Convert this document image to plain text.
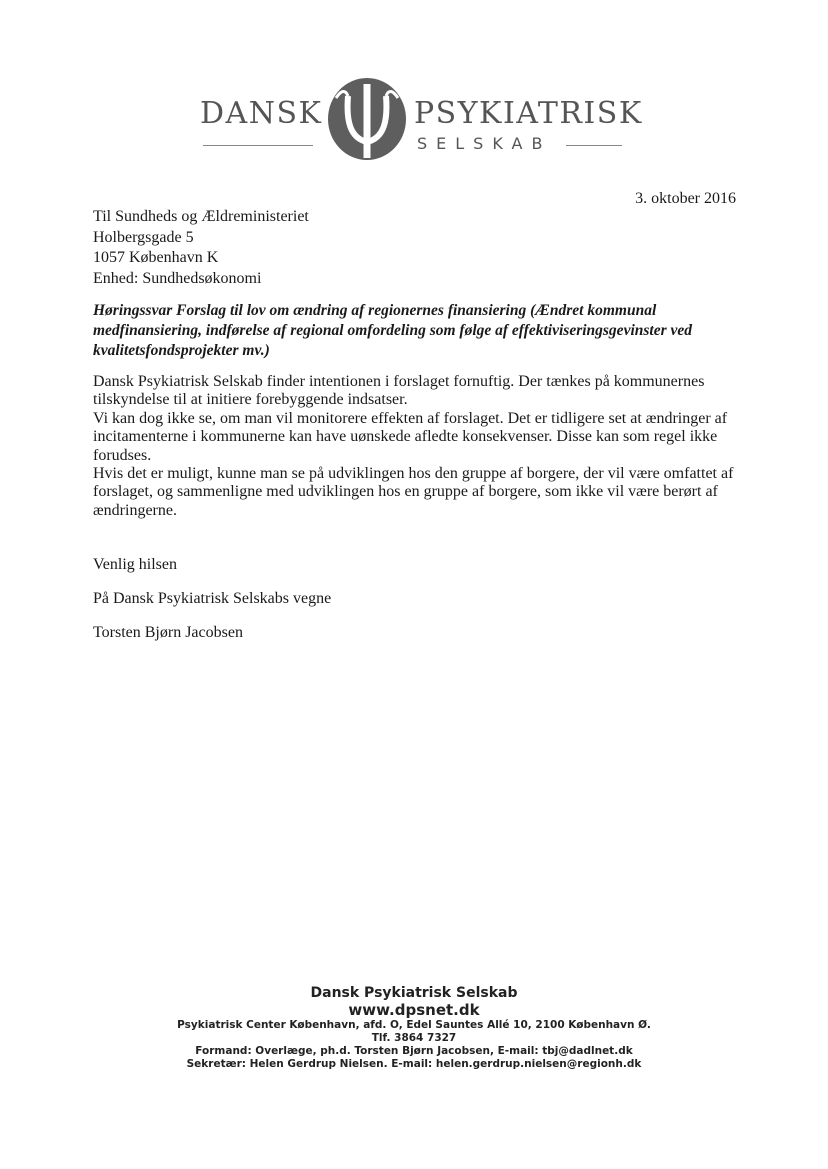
DANSK	PSYKIATRISK
SELSKAB
3. oktober 2016
Til Sundheds og Ældreministeriet
Holbergsgade 5
1057 København K
Enhed: Sundhedsøkonomi
Høringssvar Forslag til lov om ændring af regionernes finansiering (Ændret kommunal medfinansiering, indførelse af regional omfordeling som følge af effektiviseringsgevinster ved kvalitetsfondsprojekter mv.)

Dansk Psykiatrisk Selskab finder intentionen i forslaget fornuftig. Der tænkes på kommunernes tilskyndelse til at initiere forebyggende indsatser.

Vi kan dog ikke se, om man vil monitorere effekten af forslaget. Det er tidligere set at ændringer af incitamenterne i kommunerne kan have uønskede afledte konsekvenser. Disse kan som regel ikke forudses.

Hvis det er muligt, kunne man se på udviklingen hos den gruppe af borgere, der vil være omfattet af forslaget, og sammenligne med udviklingen hos en gruppe af borgere, som ikke vil være berørt af ændringerne.

Venlig hilsen
På Dansk Psykiatrisk Selskabs vegne
Torsten Bjørn Jacobsen
Dansk Psykiatrisk Selskab
www.dpsnet.dk
Psykiatrisk Center København, afd. O, Edel Sauntes Allé 10, 2100 København Ø.
Tlf. 3864 7327
Formand: Overlæge, ph.d. Torsten Bjørn Jacobsen, E-mail: tbj@dadlnet.dk
Sekretær: Helen Gerdrup Nielsen. E-mail: helen.gerdrup.nielsen@regionh.dk
